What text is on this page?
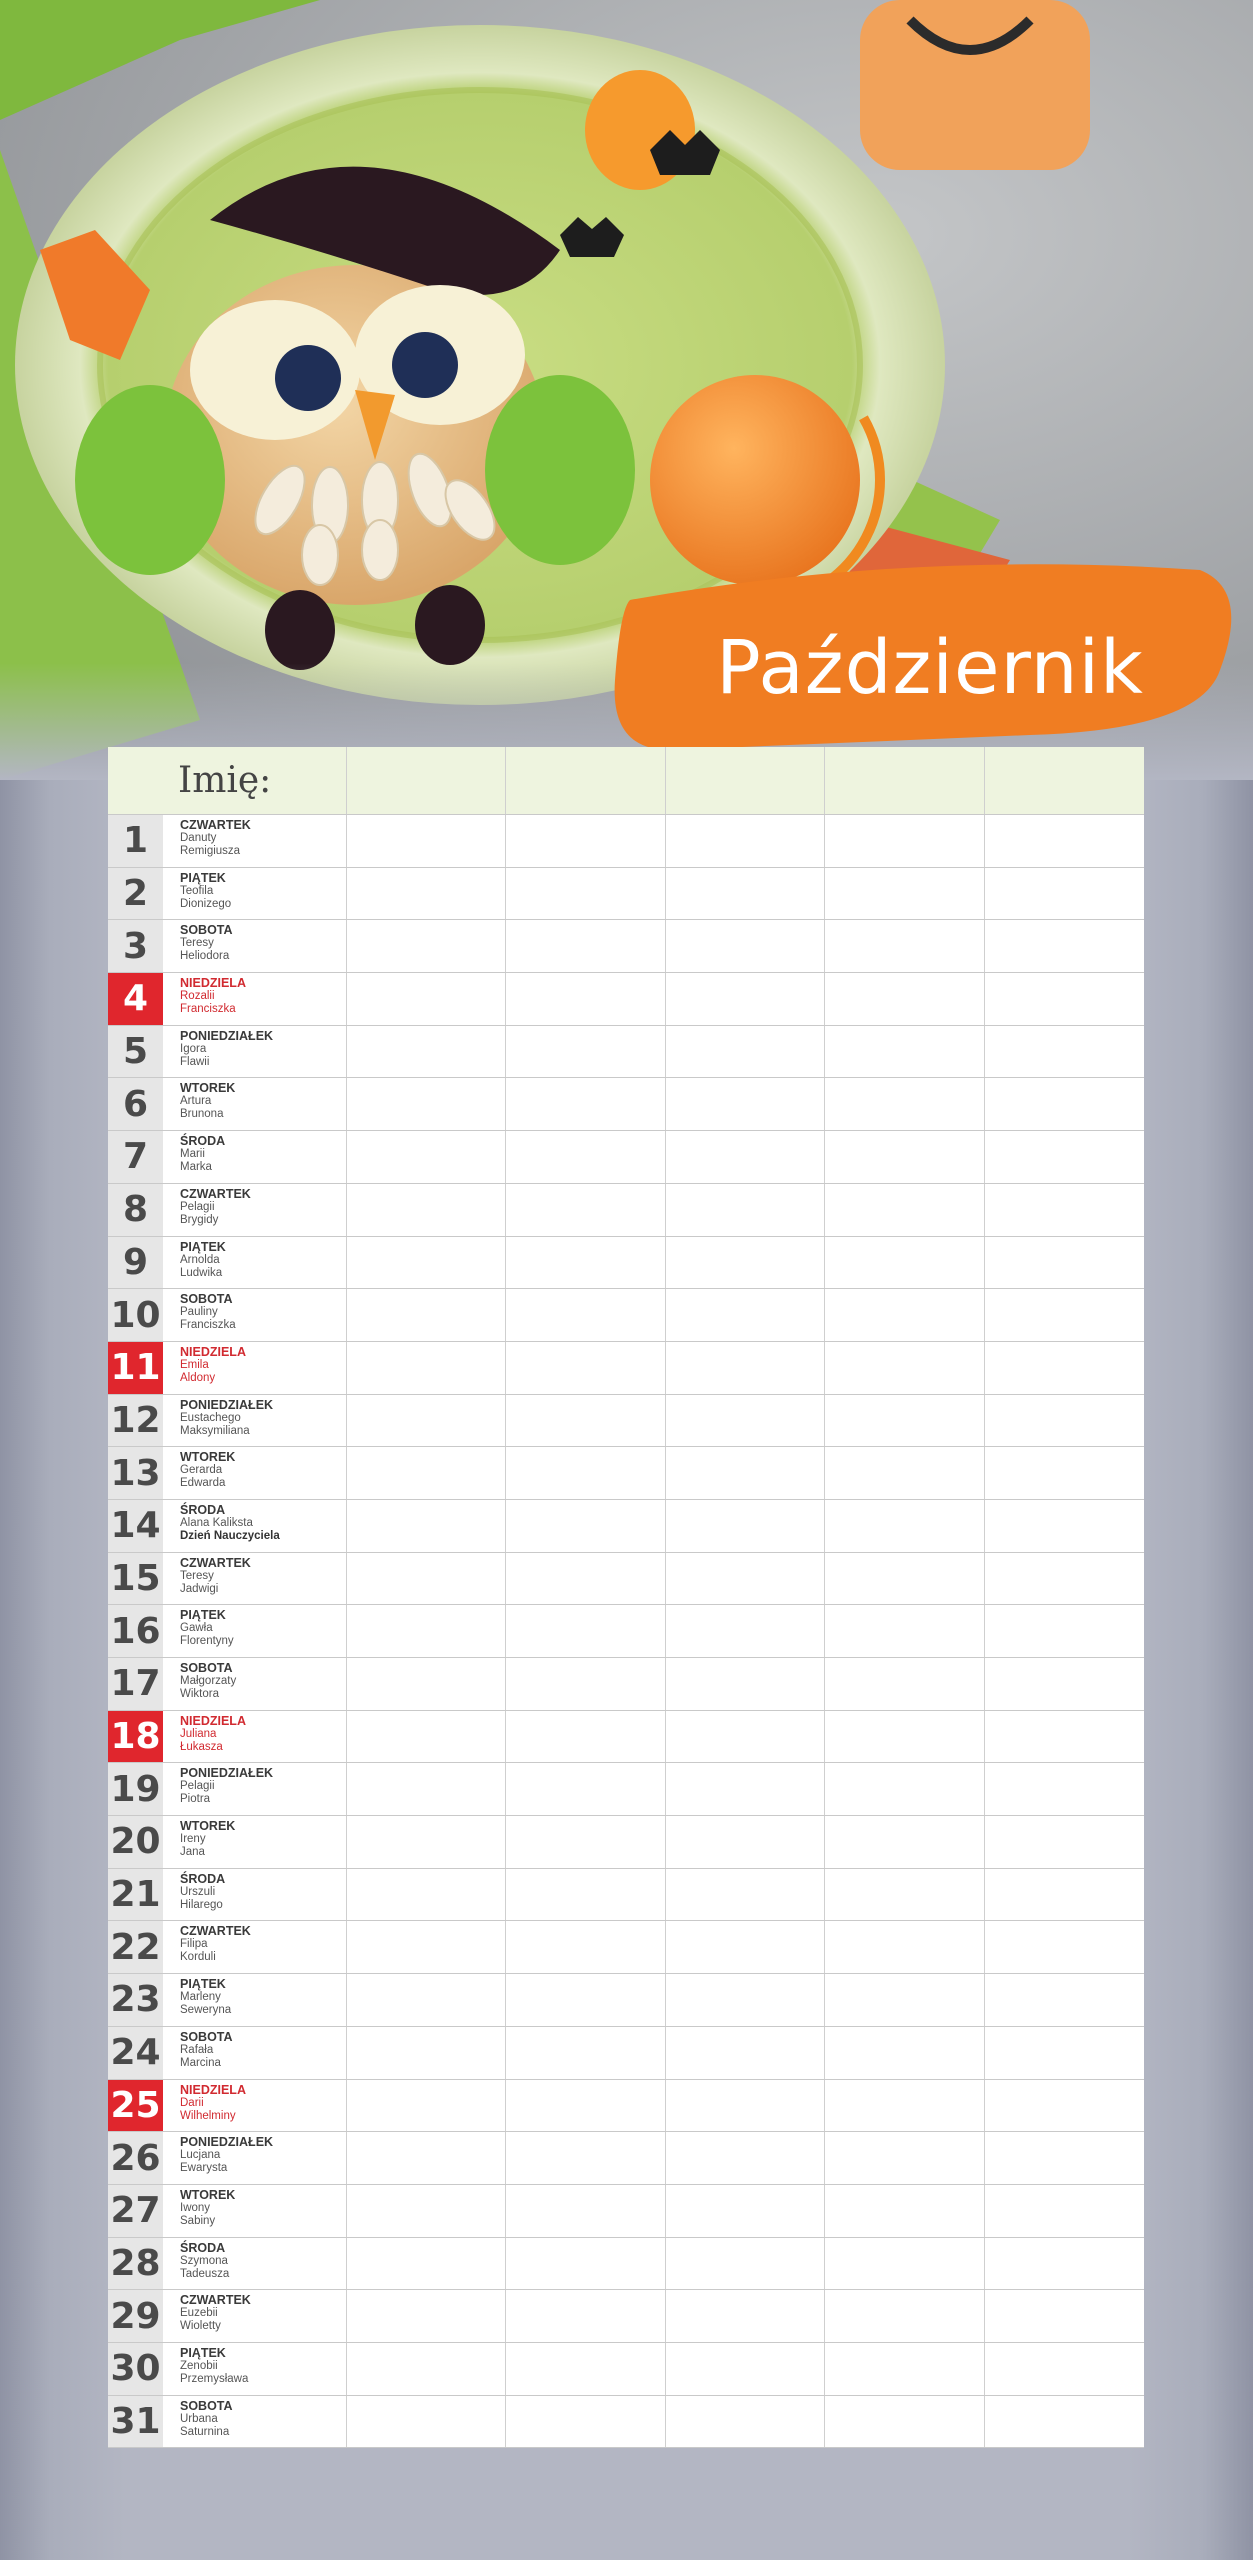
Październik
Imię:
1	CZWARTEK
Danuty
Remigiusza
2	PIĄTEK
Teofila
Dionizego
3	SOBOTA
Teresy
Heliodora
4	NIEDZIELA
Rozalii
Franciszka
5	PONIEDZIAŁEK
Igora
Flawii
6	WTOREK
Artura
Brunona
7	ŚRODA
Marii
Marka
8	CZWARTEK
Pelagii
Brygidy
9	PIĄTEK
Arnolda
Ludwika
10 SOBOTA
Pauliny
Franciszka
11 NIEDZIELA
Emila
Aldony
12 PONIEDZIAŁEK
Eustachego
Maksymiliana
13 WTOREK
Gerarda
Edwarda
14 ŚRODA
Alana Kaliksta
Dzień Nauczyciela
15 CZWARTEK
Teresy
Jadwigi
16 PIĄTEK
Gawła
Florentyny
17 SOBOTA
Małgorzaty
Wiktora
18 NIEDZIELA
Juliana
Łukasza
19 PONIEDZIAŁEK
Pelagii
Piotra
20 WTOREK
Ireny
Jana
21 ŚRODA
Urszuli
Hilarego
22 CZWARTEK
Filipa
Korduli
23 PIĄTEK
Marleny
Seweryna
24 SOBOTA
Rafała
Marcina
25 NIEDZIELA
Darii
Wilhelminy
26 PONIEDZIAŁEK
Lucjana
Ewarysta
27 WTOREK
Iwony
Sabiny
28 ŚRODA
Szymona
Tadeusza
29 CZWARTEK
Euzebii
Wioletty
30 PIĄTEK
Zenobii
Przemysława
31 SOBOTA
Urbana
Saturnina
